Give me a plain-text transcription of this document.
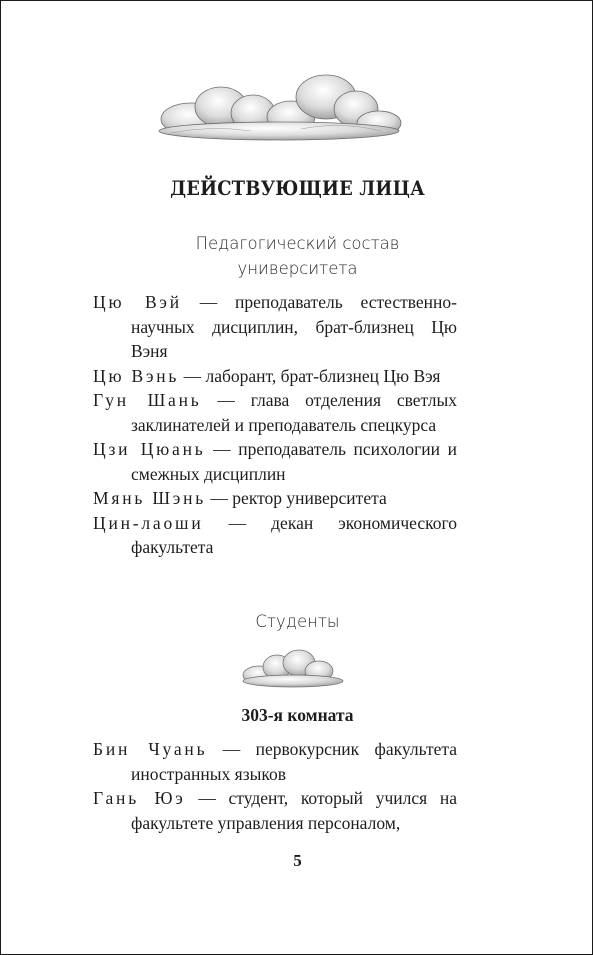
ДЕЙСТВУЮЩИЕ ЛИЦА
Педагогический состав
университета
Цю Вэй — преподаватель естественно-научных дисциплин, брат-близнец Цю Вэня
Цю Вэнь — лаборант, брат-близнец Цю Вэя
Гун Шань — глава отделения светлых заклинателей и преподаватель спецкурса
Цзи Цюань — преподаватель психологии и смежных дисциплин
Мянь Шэнь — ректор университета
Цин-лаоши — декан экономического факультета
Студенты
303-я комната
Бин Чуань — первокурсник факультета иностранных языков
Гань Юэ — студент, который учился на факультете управления персоналом,
5
